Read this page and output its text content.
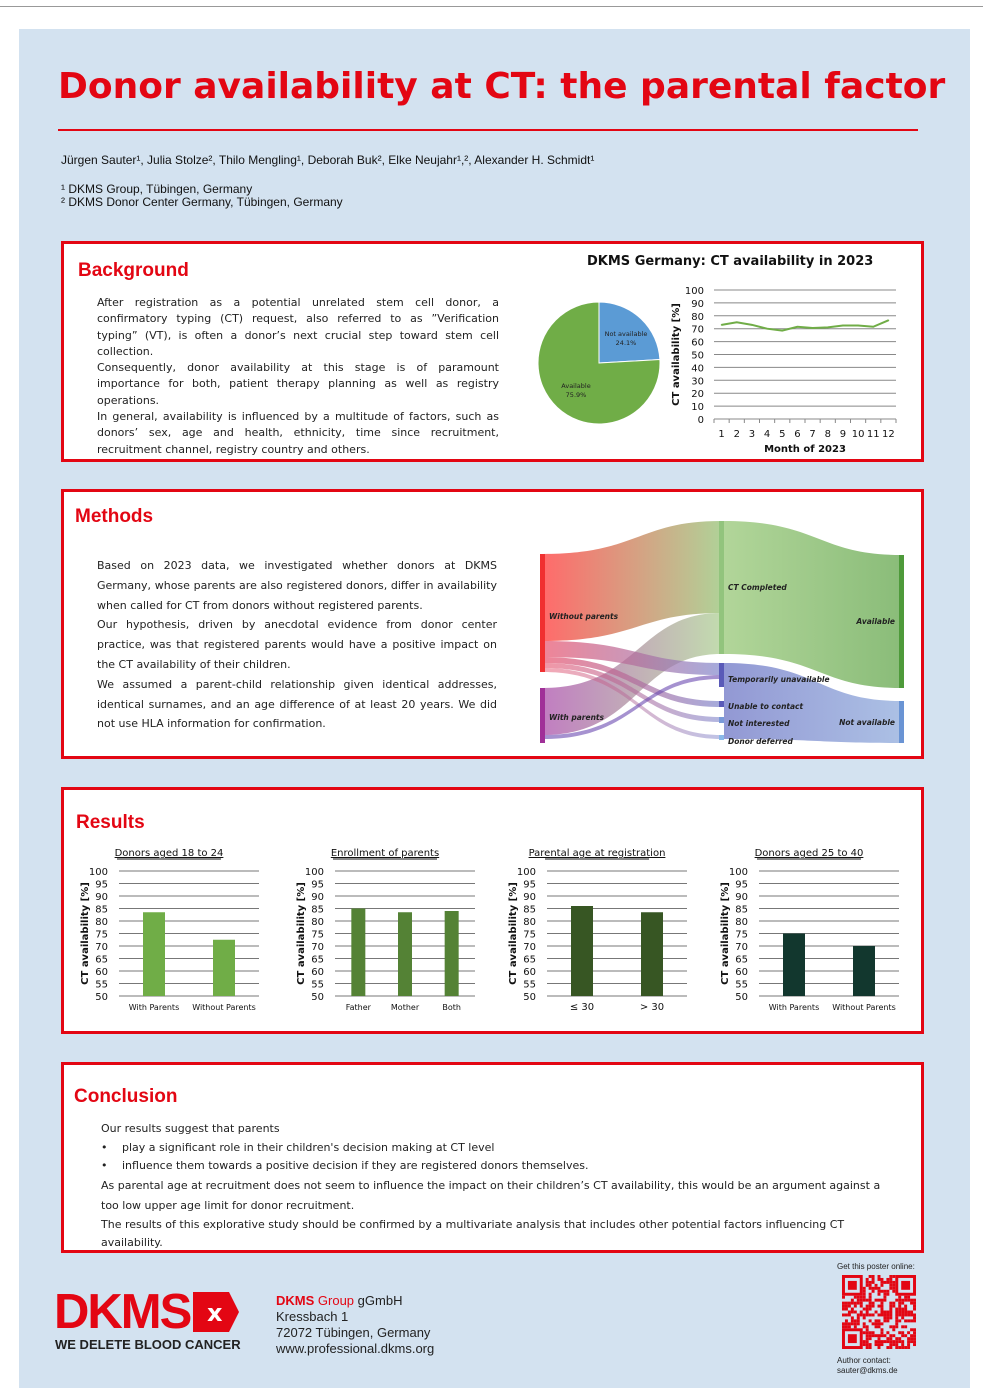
Donor availability at CT: the parental factor
Jürgen Sauter¹, Julia Stolze², Thilo Mengling¹, Deborah Buk², Elke Neujahr¹,², Alexander H. Schmidt¹
¹ DKMS Group, Tübingen, Germany
² DKMS Donor Center Germany, Tübingen, Germany
Background

After registration as a potential unrelated stem cell donor, a confirmatory typing (CT) request, also referred to as ”Verification typing” (VT), is often a donor’s next crucial step toward stem cell collection.

Consequently, donor availability at this stage is of paramount importance for both, patient therapy planning as well as registry operations.

In general, availability is influenced by a multitude of factors, such as donors’ sex, age and health, ethnicity, time since recruitment, recruitment channel, registry country and others.

DKMS Germany: CT availability in 2023
Not available
24.1%
Available
75.9%
0
10
20
30
40
50
60
70
80
90
100
1 2 3 4 5 6 7 8 9 10 11 12
Month of 2023
CT availability [%]
Methods

Based on 2023 data, we investigated whether donors at DKMS Germany, whose parents are also registered donors, differ in availability when called for CT from donors without registered parents.

Our hypothesis, driven by anecdotal evidence from donor center practice, was that registered parents would have a positive impact on the CT availability of their children.

We assumed a parent-child relationship given identical addresses, identical surnames, and an age difference of at least 20 years. We did not use HLA information for confirmation.

Without parents
With parents
CT Completed
Temporarily unavailable
Unable to contact
Not interested
Donor deferred
Available
Not available
Results
Donors aged 18 to 24
50
55
60
65
70
75
80
85
90
95
100
CT availability [%]
With Parents Without Parents
Enrollment of parents
50
55
60
65
70
75
80
85
90
95
100
CT availability [%]
Father Mother	Both
Parental age at registration
50
55
60
65
70
75
80
85
90
95
100
CT availability [%]
≤ 30	> 30
Donors aged 25 to 40
50
55
60
65
70
75
80
85
90
95
100
CT availability [%]
With Parents Without Parents
Conclusion

Our results suggest that parents

• play a significant role in their children's decision making at CT level

• influence them towards a positive decision if they are registered donors themselves.

As parental age at recruitment does not seem to influence the impact on their children’s CT availability, this would be an argument against a too low upper age limit for donor recruitment.

The results of this explorative study should be confirmed by a multivariate analysis that includes other potential factors influencing CT availability.

DKMS x
WE DELETE BLOOD CANCER
DKMS Group gGmbH
Kressbach 1
72072 Tübingen, Germany
www.professional.dkms.org
Get this poster online:
Author contact:
sauter@dkms.de
